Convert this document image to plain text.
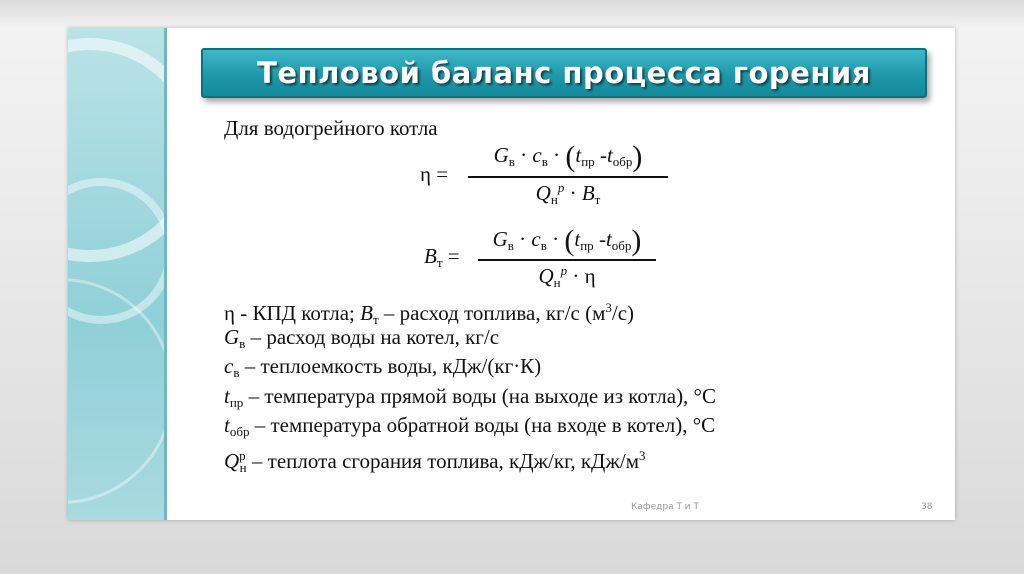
Тепловой баланс процесса горения
Для водогрейного котла
η =
$G_в \cdot c_в \cdot (t_{пр}$ $-t_{обр}$)
$Q_н^р \cdot B_т$
$B_т$ =
$G_в \cdot c_в \cdot (t_{пр}$ $-t_{обр}$)
$Q_н^р \cdot \eta$
η - КПД котла; $B_т$ – расход топлива, кг/с $(м^3/с)$
$G_в$ – расход воды на котел, кг/с
$c_в$ – теплоемкость воды, кДж/(кг·К)
$t_{пр}$ – температура прямой воды (на выходе из котла), °С
$t_{обр}$ – температура обратной воды (на входе в котел), °С
$Q^р_н$ – теплота сгорания топлива, кДж/кг, кДж/$м^3$
Кафедра Т и Т	38
